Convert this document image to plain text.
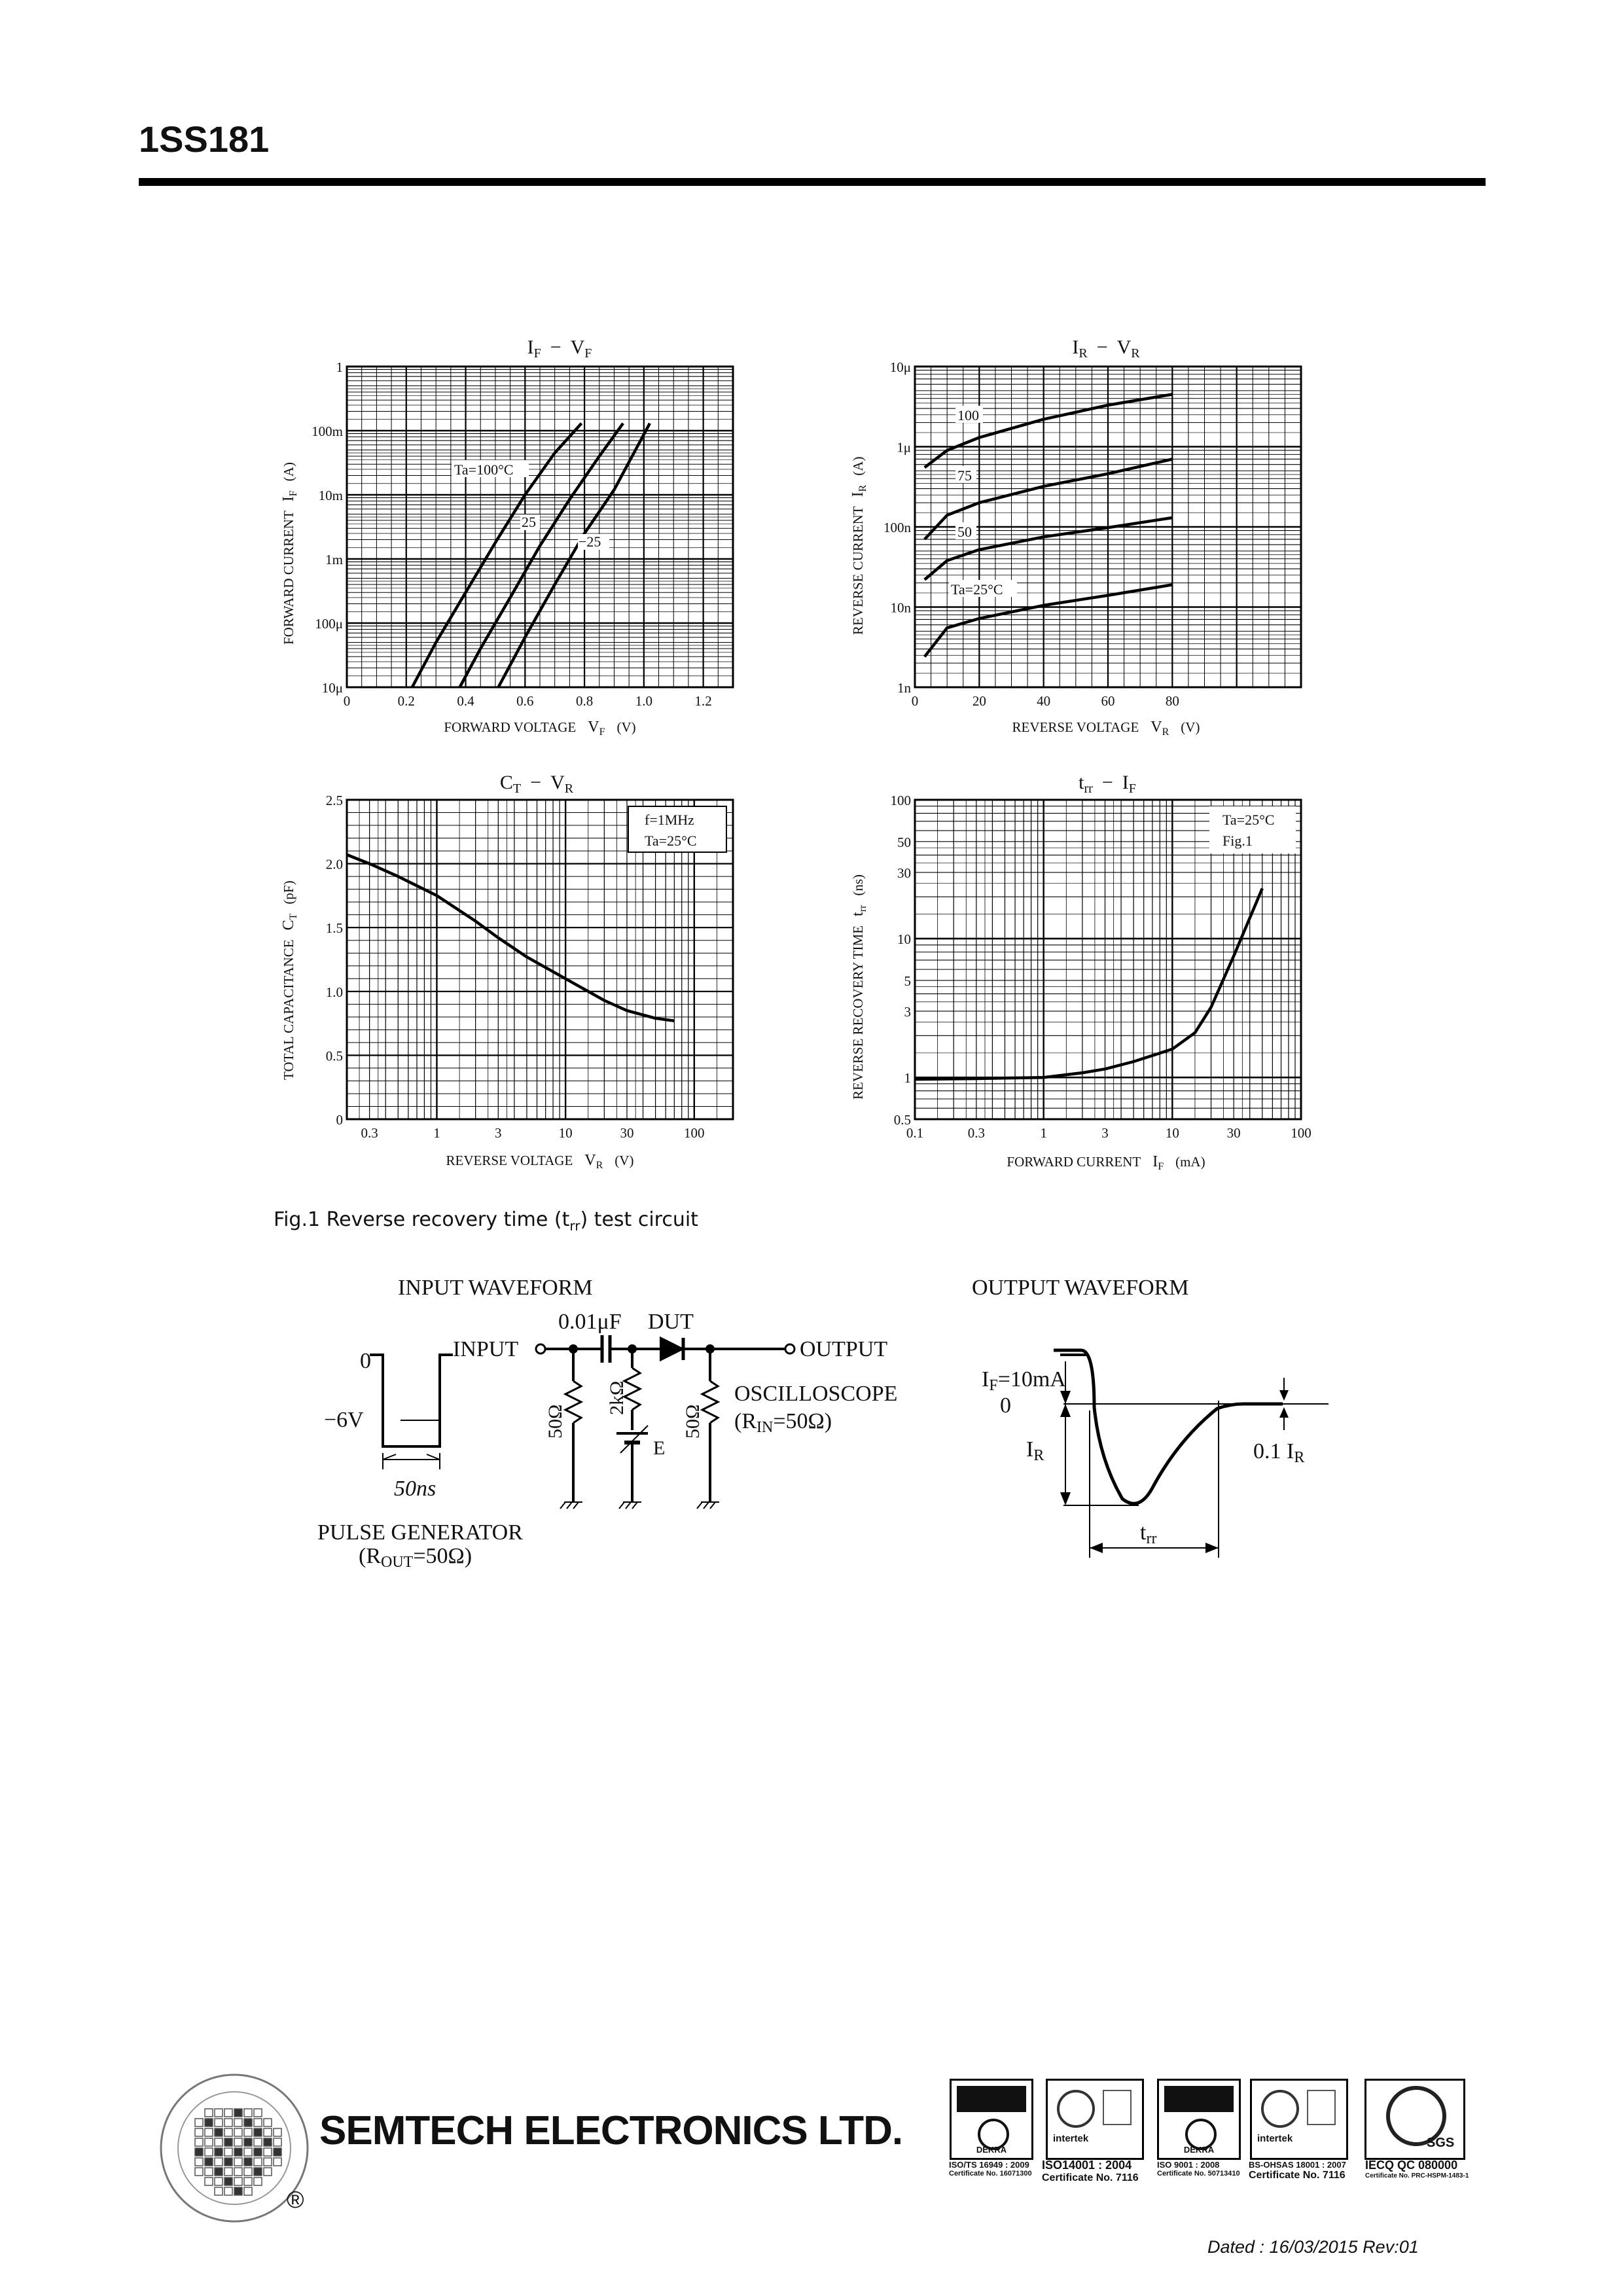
1SS181
$I_F - V_F$
1
100m
10m
1m
100μ
10μ
0	0.2	0.4	0.6	0.8	1.0	1.2
Ta=100°C
25
−25
FORWARD $CURRENTI_F(A)$
FORWARD VOLTAGE $V_F$ (V)
$I_R - V_R$
10μ
1μ
100n
10n
1n
0	20	40	60	80
100
75
50
Ta=25°C
REVERSE $CURRENTI_R(A)$
REVERSE VOLTAGE $V_R$ (V)
$C_T - V_R$
2.5
2.0
1.5
1.0
0.5
0
0.3	1	3	10	30	100
f=1MHz
Ta=25°C
TOTAL $CAPACITANCEC_T(pF)$
REVERSE VOLTAGE $V_R$ (V)
$t_{rr} - I_F$
100
50
30
10
5
3
1
0.5
0.1	0.3	1	3	10	30	100
Ta=25°C
Fig.1
REVERSE RECOVERY TIMEt$_{rr}$(ns)
FORWARD CURRENT $I_F$ (mA)
Fig.1 Reverse recovery time $(t_{rr})$ test circuit
INPUT WAVEFORM	OUTPUT WAVEFORM
0
−6V
50ns
PULSE GENERATOR
(ROUT=50Ω)
INPUT
0.01μF DUT
OUTPUT
50Ω
2kΩ
50Ω
E
OSCILLOSCOPE
(RIN=50Ω)
IF=10mA
0
IR	0.1 IR
trr
®
SEMTECH ELECTRONICS LTD.	DEKRA
intertek
DEKRA
intertek	SGS
ISO/TS 16949 : 2009
Certificate No. 16071300
ISO14001 : 2004
Certificate No. 7116
ISO 9001 : 2008
Certificate No. 50713410
BS-OHSAS 18001 : 2007
Certificate No. 7116
IECQ QC 080000
Certificate No. PRC-HSPM-1483-1
Dated : 16/03/2015 Rev:01
